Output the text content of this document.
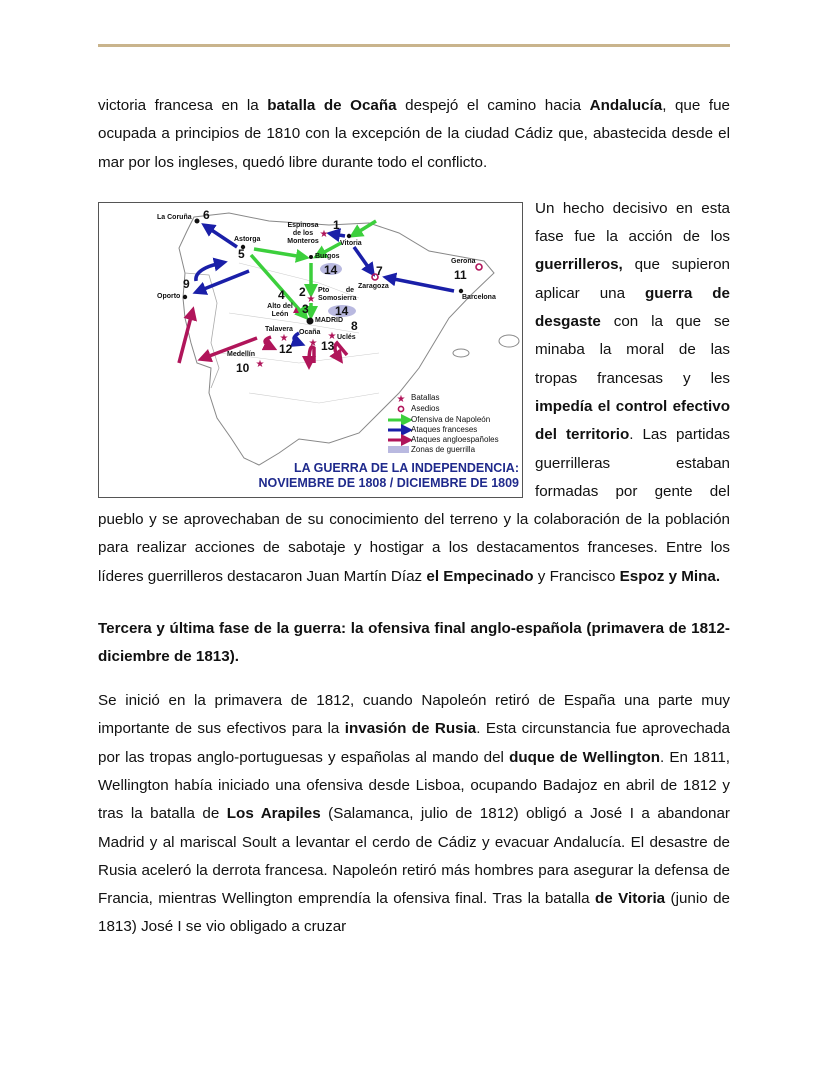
victoria francesa en la batalla de Ocaña despejó el camino hacia Andalucía, que fue ocupada a principios de 1810 con la excepción de la ciudad Cádiz que, abastecida desde el mar por los ingleses, quedó libre durante todo el conflicto.

★
★
★ ★
★
★
★
La Coruña
Espinosa de los Monteros	Vitoria
Astorga
Burgos
Zaragoza
Gerona
Barcelona
Oporto
Pto de Somosierra
Alto del León
MADRID
Talavera Ocaña
Uclés
Medellín
6
1
5
14	7	11
9
2
4
3 14
8
12 13
10
Batallas
Asedios
Ofensiva de Napoleón
Ataques franceses
Ataques angloespañoles
Zonas de guerrilla
LA GUERRA DE LA INDEPENDENCIA:
NOVIEMBRE DE 1808 / DICIEMBRE DE 1809

Un hecho decisivo en esta fase fue la acción de los guerrilleros, que supieron aplicar una guerra de desgaste con la que se minaba la moral de las tropas francesas y les impedía el control efectivo del territorio. Las partidas guerrilleras estaban formadas por gente del pueblo y se aprovechaban de su conocimiento del terreno y la colaboración de la población para realizar acciones de sabotaje y hostigar a los destacamentos franceses. Entre los líderes guerrilleros destacaron Juan Martín Díaz el Empecinado y Francisco Espoz y Mina.

Tercera y última fase de la guerra: la ofensiva final anglo-española (primavera de 1812-diciembre de 1813).

Se inició en la primavera de 1812, cuando Napoleón retiró de España una parte muy importante de sus efectivos para la invasión de Rusia. Esta circunstancia fue aprovechada por las tropas anglo-portuguesas y españolas al mando del duque de Wellington. En 1811, Wellington había iniciado una ofensiva desde Lisboa, ocupando Badajoz en abril de 1812 y tras la batalla de Los Arapiles (Salamanca, julio de 1812) obligó a José I a abandonar Madrid y al mariscal Soult a levantar el cerdo de Cádiz y evacuar Andalucía. El desastre de Rusia aceleró la derrota francesa. Napoleón retiró más hombres para asegurar la defensa de Francia, mientras Wellington emprendía la ofensiva final. Tras la batalla de Vitoria (junio de 1813) José I se vio obligado a cruzar
